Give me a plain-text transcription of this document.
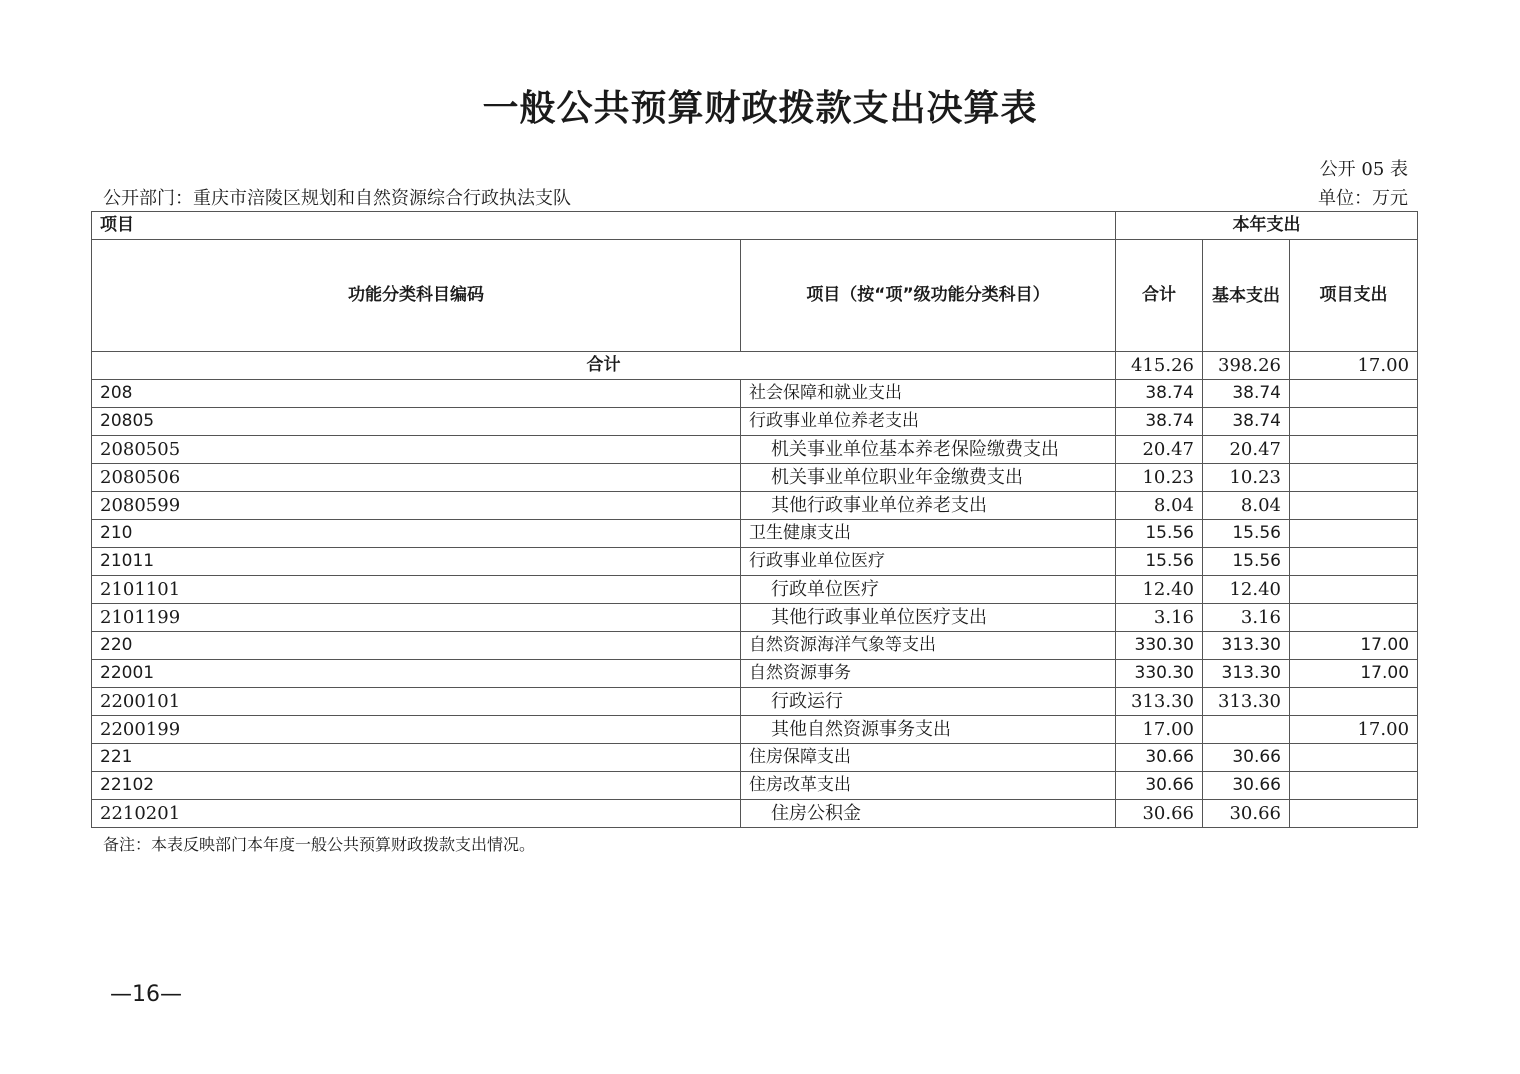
一般公共预算财政拨款支出决算表
公开 05 表
公开部门：重庆市涪陵区规划和自然资源综合行政执法支队	单位：万元
项目		本年支出		
功能分类科目编码	项目（按“项”级功能分类科目）	合计	基本支出	项目支出
合计		415.26	398.26	17.00
208	社会保障和就业支出	38.74	38.74	
20805	行政事业单位养老支出	38.74	38.74	
2080505	机关事业单位基本养老保险缴费支出	20.47	20.47	
2080506	机关事业单位职业年金缴费支出	10.23	10.23	
2080599	其他行政事业单位养老支出	8.04	8.04	
210	卫生健康支出	15.56	15.56	
21011	行政事业单位医疗	15.56	15.56	
2101101	行政单位医疗	12.40	12.40	
2101199	其他行政事业单位医疗支出	3.16	3.16	
220	自然资源海洋气象等支出	330.30	313.30	17.00
22001	自然资源事务	330.30	313.30	17.00
2200101	行政运行	313.30	313.30	
2200199	其他自然资源事务支出	17.00		17.00
221	住房保障支出	30.66	30.66	
22102	住房改革支出	30.66	30.66	
2210201	住房公积金	30.66	30.66	
备注：本表反映部门本年度一般公共预算财政拨款支出情况。
—16—
